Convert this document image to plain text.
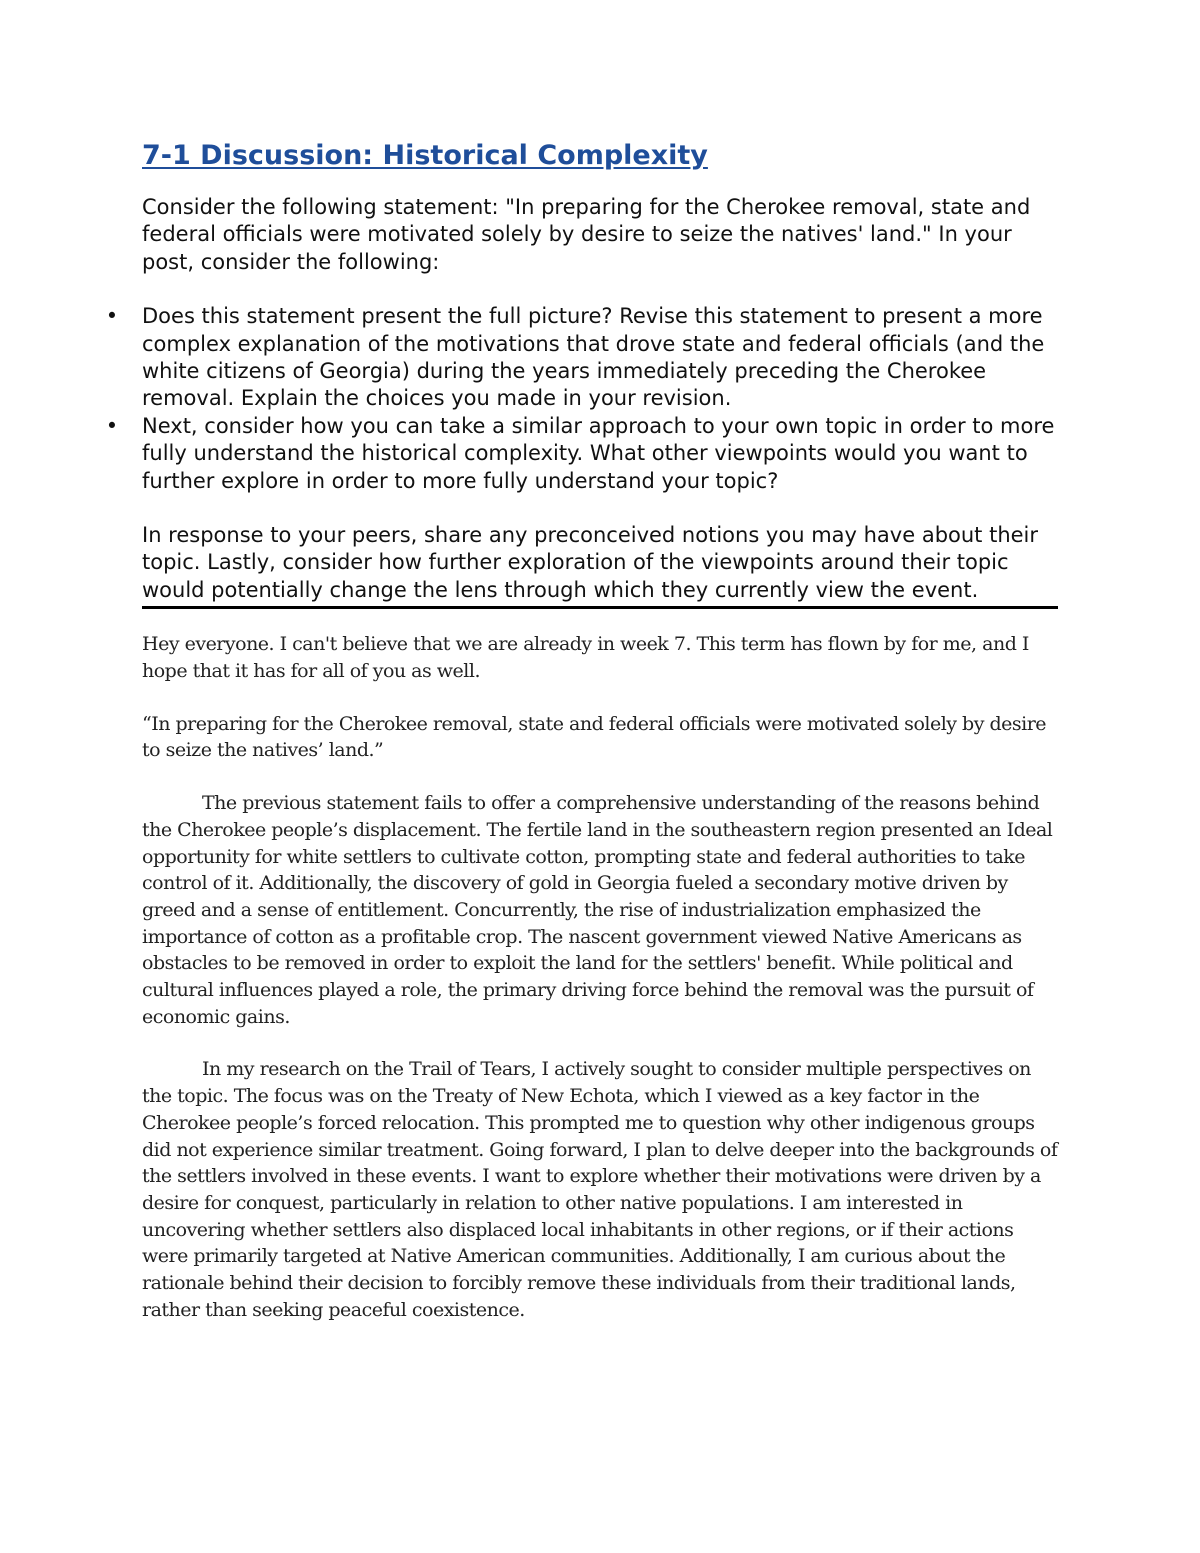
7-1 Discussion: Historical Complexity

Consider the following statement: "In preparing for the Cherokee removal, state and federal officials were motivated solely by desire to seize the natives' land." In your post, consider the following:

• Does this statement present the full picture? Revise this statement to present a more complex explanation of the motivations that drove state and federal officials (and the white citizens of Georgia) during the years immediately preceding the Cherokee removal. Explain the choices you made in your revision.
• Next, consider how you can take a similar approach to your own topic in order to more fully understand the historical complexity. What other viewpoints would you want to further explore in order to more fully understand your topic?

In response to your peers, share any preconceived notions you may have about their topic. Lastly, consider how further exploration of the viewpoints around their topic would potentially change the lens through which they currently view the event.

Hey everyone. I can't believe that we are already in week 7. This term has flown by for me, and I hope that it has for all of you as well.

“In preparing for the Cherokee removal, state and federal officials were motivated solely by desire to seize the natives’ land.”

The previous statement fails to offer a comprehensive understanding of the reasons behind the Cherokee people’s displacement. The fertile land in the southeastern region presented an Ideal opportunity for white settlers to cultivate cotton, prompting state and federal authorities to take control of it. Additionally, the discovery of gold in Georgia fueled a secondary motive driven by greed and a sense of entitlement. Concurrently, the rise of industrialization emphasized the importance of cotton as a profitable crop. The nascent government viewed Native Americans as obstacles to be removed in order to exploit the land for the settlers' benefit. While political and cultural influences played a role, the primary driving force behind the removal was the pursuit of economic gains.

In my research on the Trail of Tears, I actively sought to consider multiple perspectives on the topic. The focus was on the Treaty of New Echota, which I viewed as a key factor in the Cherokee people’s forced relocation. This prompted me to question why other indigenous groups did not experience similar treatment. Going forward, I plan to delve deeper into the backgrounds of the settlers involved in these events. I want to explore whether their motivations were driven by a desire for conquest, particularly in relation to other native populations. I am interested in uncovering whether settlers also displaced local inhabitants in other regions, or if their actions were primarily targeted at Native American communities. Additionally, I am curious about the rationale behind their decision to forcibly remove these individuals from their traditional lands, rather than seeking peaceful coexistence.
